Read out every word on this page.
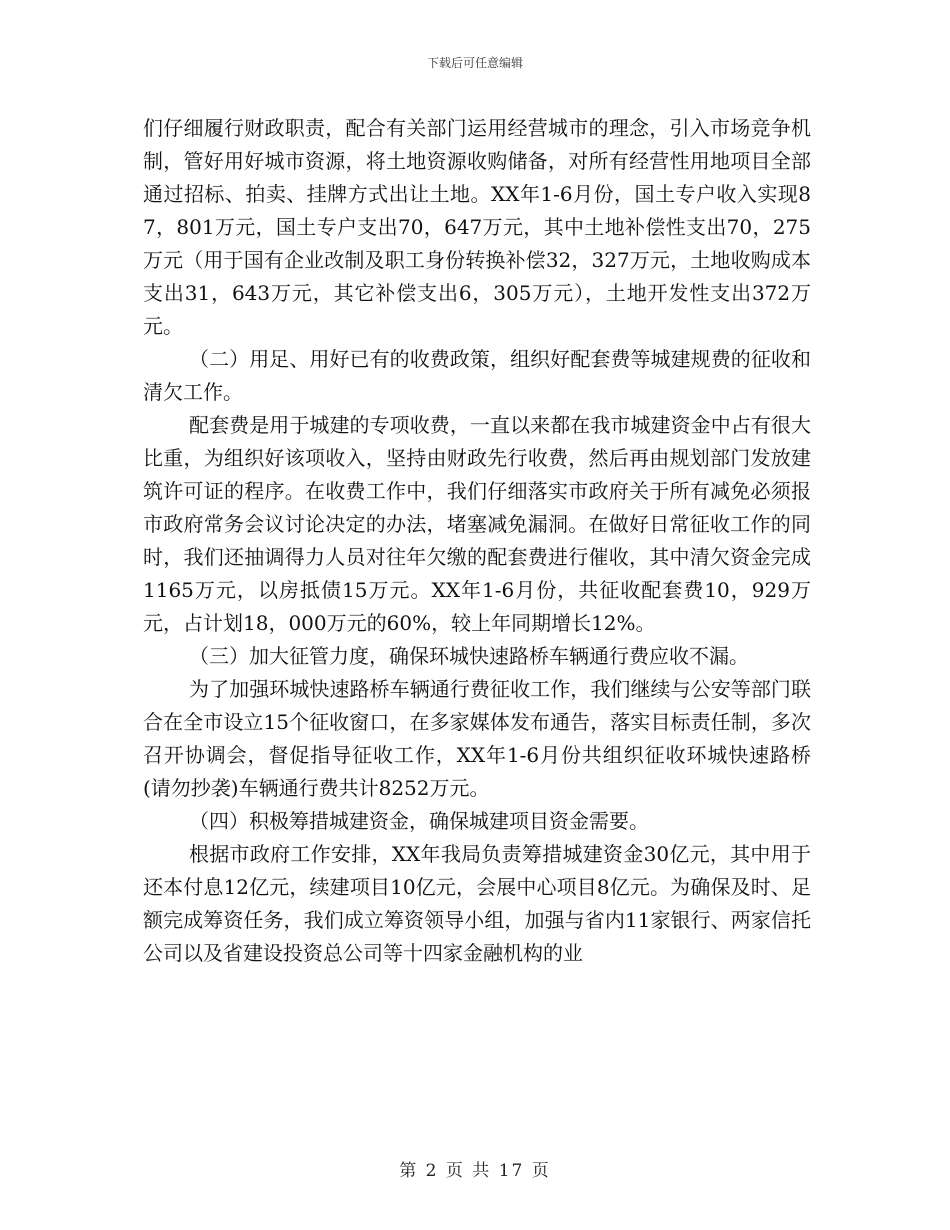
下载后可任意编辑

们仔细履行财政职责，配合有关部门运用经营城市的理念，引入市场竞争机制，管好用好城市资源，将土地资源收购储备，对所有经营性用地项目全部通过招标、拍卖、挂牌方式出让土地。XX年1-6月份，国土专户收入实现87，801万元，国土专户支出70，647万元，其中土地补偿性支出70，275万元（用于国有企业改制及职工身份转换补偿32，327万元，土地收购成本支出31，643万元，其它补偿支出6，305万元），土地开发性支出372万元。

（二）用足、用好已有的收费政策，组织好配套费等城建规费的征收和清欠工作。

配套费是用于城建的专项收费，一直以来都在我市城建资金中占有很大比重，为组织好该项收入，坚持由财政先行收费，然后再由规划部门发放建筑许可证的程序。在收费工作中，我们仔细落实市政府关于所有减免必须报市政府常务会议讨论决定的办法，堵塞减免漏洞。在做好日常征收工作的同时，我们还抽调得力人员对往年欠缴的配套费进行催收，其中清欠资金完成1165万元，以房抵债15万元。XX年1-6月份，共征收配套费10，929万元，占计划18，000万元的60%，较上年同期增长12%。

（三）加大征管力度，确保环城快速路桥车辆通行费应收不漏。

为了加强环城快速路桥车辆通行费征收工作，我们继续与公安等部门联合在全市设立15个征收窗口，在多家媒体发布通告，落实目标责任制，多次召开协调会，督促指导征收工作，XX年1-6月份共组织征收环城快速路桥(请勿抄袭)车辆通行费共计8252万元。

（四）积极筹措城建资金，确保城建项目资金需要。

根据市政府工作安排，XX年我局负责筹措城建资金30亿元，其中用于还本付息12亿元，续建项目10亿元，会展中心项目8亿元。为确保及时、足额完成筹资任务，我们成立筹资领导小组，加强与省内11家银行、两家信托公司以及省建设投资总公司等十四家金融机构的业

第 2 页 共 17 页
